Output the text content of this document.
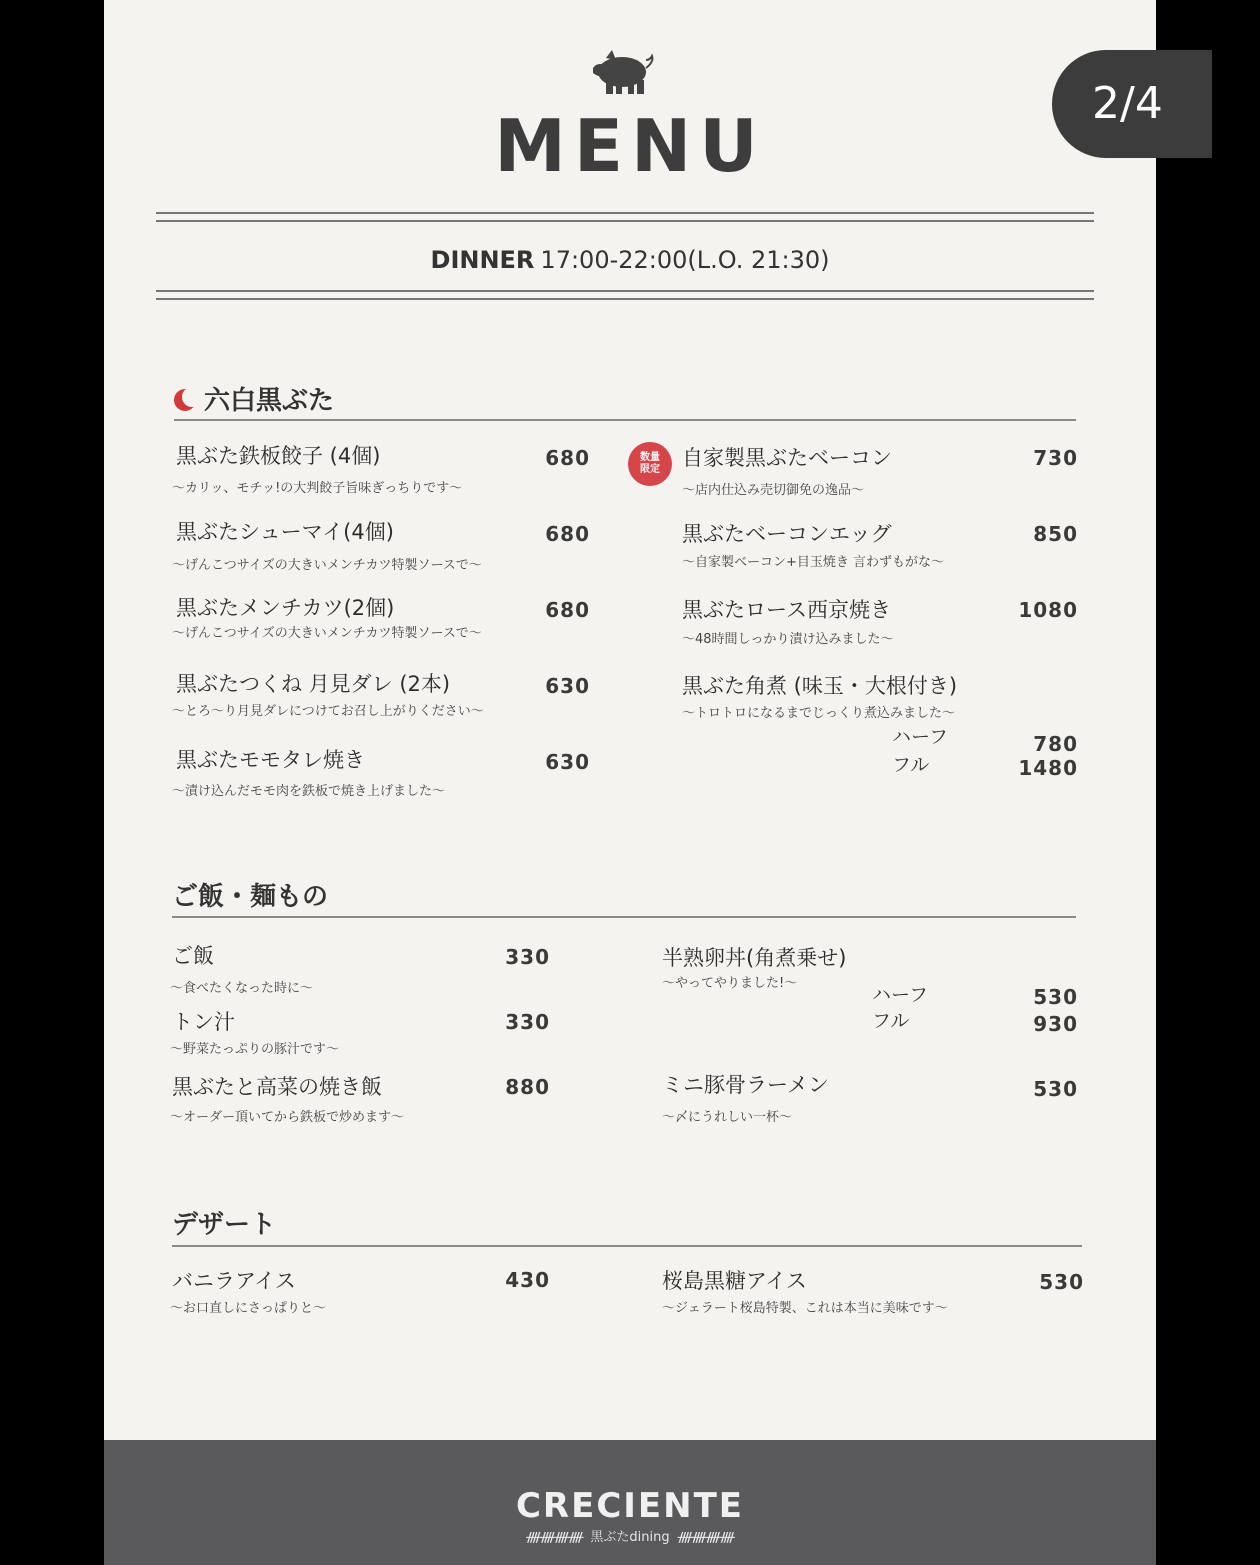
MENU
DINNER 17:00-22:00(L.O. 21:30)
六白黒ぶた
黒ぶた鉄板餃子 (4個)	680
〜カリッ、モチッ!の大判餃子旨味ぎっちりです〜
黒ぶたシューマイ(4個)	680
〜げんこつサイズの大きいメンチカツ特製ソースで〜
黒ぶたメンチカツ(2個)	680
〜げんこつサイズの大きいメンチカツ特製ソースで〜
黒ぶたつくね 月見ダレ (2本)	630
〜とろ〜り月見ダレにつけてお召し上がりください〜
黒ぶたモモタレ焼き	630
〜漬け込んだモモ肉を鉄板で焼き上げました〜
数量
限定 自家製黒ぶたベーコン	730
〜店内仕込み売切御免の逸品〜
黒ぶたベーコンエッグ	850
〜自家製ベーコン+目玉焼き 言わずもがな〜
黒ぶたロース西京焼き	1080
〜48時間しっかり漬け込みました〜
黒ぶた角煮 (味玉・大根付き)
〜トロトロになるまでじっくり煮込みました〜
ハーフ	780
フル	1480
ご飯・麺もの
ご飯	330
〜食べたくなった時に〜
トン汁	330
〜野菜たっぷりの豚汁です〜
黒ぶたと高菜の焼き飯	880
〜オーダー頂いてから鉄板で炒めます〜
半熟卵丼(角煮乗せ)
〜やってやりました!〜
ハーフ	530
フル	930
ミニ豚骨ラーメン	530
〜〆にうれしい一杯〜
デザート
バニラアイス	430
〜お口直しにさっぱりと〜
桜島黒糖アイス	530
〜ジェラート桜島特製、これは本当に美味です〜
CRECIENTE
ᚎᚎᚎᚎ 黒ぶたdining ᚎᚎᚎᚎ
2/4
